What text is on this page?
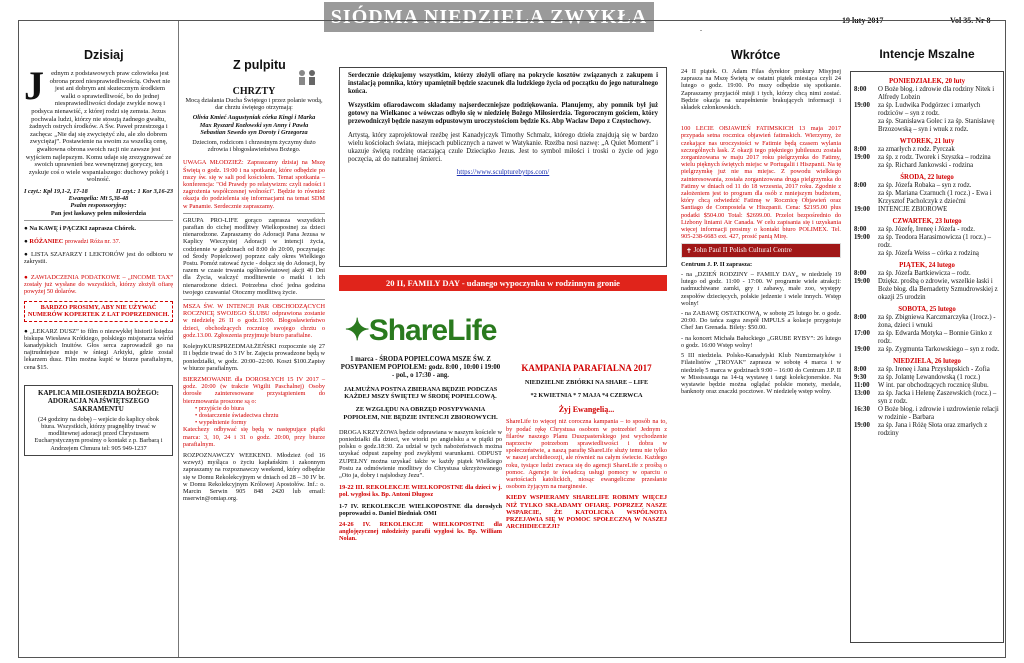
SIÓDMA NIEDZIELA ZWYKŁA
.
19 luty 2017	Vol 35. Nr 8
Dzisiaj
J ednym z podstawowych praw człowieka jest obrona przed niesprawiedliwością. Odwet nie jest ani dobrym ani skutecznym środkiem walki o sprawiedliwość, bo do jednej niesprawiedliwości dodaje zwykle nową i podsyca nienawiść, z której rodzi się zemsta. Jezus pochwala ludzi, którzy nie stosują żadnego gwałtu, żadnych ostrych środków. A Św. Paweł przestrzega i zachęca: „Nie daj się zwyciężyć złu, ale zło dobrem zwyciężaj”. Postawienie na swoim za wszelką cenę, gwałtowna obrona swoich racji nie zawsze jest wyjściem najlepszym. Komu udaje się zrezygnować ze swoich uprawnień bez wewnętrznej goryczy, ten zyskuje coś o wiele wspanialszego: duchowy pokój i wolność.
I czyt.: Kpł 19,1-2, 17-18	II czyt.: 1 Kor 3,16-23
Ewangelia: Mt 5,38-48
Psalm responsoryjny:
Pan jest łaskawy pełen miłosierdzia
● Na KAWĘ i PĄCZKI zaprasza Chórek.
● RÓŻANIEC prowadzi Róża nr. 37.
● LISTA SZAFARZY I LEKTORÓW jest do odbioru w zakrystii.
● ZAWIADCZENIA PODATKOWE – „INCOME TAX” zostały już wysłane do wszystkich, którzy złożyli ofiarę powyżej 50 dolarów.
BARDZO PROSIMY, ABY NIE UŻYWAĆ NUMERÓW KOPERTEK Z LAT POPRZEDNICH.
● „LEKARZ DUSZ” to film o niezwykłej historii księdza biskupa Wiesława Krótkiego, polskiego misjonarza wśród kanadyjskich Inuitów. Głos serca zaprowadził go na najtrudniejsze misje w śniegi Arktyki, gdzie został lekarzem dusz. Film można kupić w biurze parafialnym, cena $15.
KAPLICA MIŁOSIERDZIA BOŻEGO: ADORACJA NAJŚWIĘTSZEGO SAKRAMENTU
(24 godziny na dobę) – wejście do kaplicy obok biura. Wszystkich, którzy pragnęliby trwać w modlitewnej adoracji przed Chrystusem Eucharystycznym prosimy o kontakt z p. Barbarą i Andrzejem Chmura tel: 905 949-1237
Z pulpitu
CHRZTY
Mocą działania Ducha Świętego i przez polanie wodą, dar chrztu świętego otrzymają:
Olivia Kmieć Augustyniak córka Kingi i Marka
Max Ryszard Kozłowski syn Anny i Pawła
Sebastian Szwedo syn Doroty i Grzegorza
Dzieciom, rodzicom i chrzestnym życzymy dużo zdrowia i błogosławieństwa Bożego.
UWAGA MŁODZIEŻ: Zapraszamy dzisiaj na Mszę Świętą o godz. 19:00 i na spotkanie, które odbędzie po mszy św. się w sali pod kościołem. Temat spotkania – konferencja: "Od Prawdy po relatywizm: czyli radości i zagrożenia współczesnej wolności". Będzie to również okazja do podzielenia się informacjami na temat SDM w Panamie. Serdecznie zapraszamy.
GRUPA PRO-LIFE gorąco zaprasza wszystkich parafian do cichej modlitwy Wielkopostnej za dzieci nienarodzone. Zapraszamy do Adoracji Pana Jezusa w Kaplicy Wieczystej Adoracji w intencji życia, codziennie w godzinach od 8:00 do 20:00, poczynając od Środy Popielcowej poprzez cały okres Wielkiego Postu. Pomóż ratować życie - dołącz się do Adoracji, by razem w czasie trwania ogólnoświatowej akcji 40 Dni dla Życia, walczyć modlitewnie o matki i ich nienarodzone dzieci. Potrzebna choć jedna godzina twojego czuwania! Otoczmy modlitwą życie.
MSZA ŚW. W INTENCJI PAR OBCHODZĄCYCH ROCZNICĘ SWOJEGO ŚLUBU odprawiona zostanie w niedzielę 26 II o godz.11:00. Błogosławieństwo dzieci, obchodzących rocznicę swojego chrztu o godz.13.00. Zgłoszenia przyjmuje biuro parafialne.
KolejnyKURSPRZEDMAŁŻEŃSKI rozpocznie się 27 II i będzie trwać do 3 IV br. Zajęcia prowadzone będą w poniedziałki, w godz. 20:00–22:00. Koszt $100.Zapisy w biurze parafialnym.
BIERZMOWANIE dla DOROSŁYCH 15 IV 2017 – godz. 20:00 (w trakcie Wigilii Paschalnej) Osoby dorosłe zainteresowane przystąpieniem do bierzmowania proszone są o:
• przyjście do biura
• dostarczenie świadectwa chrztu
• wypełnienie formy
Katechezy odbywać się będą w następujące piątki marca: 3, 10, 24 i 31 o godz. 20:00, przy biurze parafialnym.
ROZPOZNAWCZY WEEKEND. Młodzież (od 16 wzwyż) myśląca o życiu kapłańskim i zakonnym zapraszamy na rozpoznawczy weekend, który odbędzie się w Domu Rekolekcyjnym w dniach od 28 – 30 IV br. w Domu Rekolekcyjnym Królowej Apostołów. Inf.: o. Marcin Serwin 905 848 2420 lub email: mserwin@omiap.org.
Serdecznie dziękujemy wszystkim, którzy złożyli ofiarę na pokrycie kosztów związanych z zakupem i instalacją pomnika, który upamiętnił będzie szacunek dla ludzkiego życia od początku do jego naturalnego końca.
Wszystkim ofiarodawcom składamy najserdeczniejsze podziękowania. Planujemy, aby pomnik był już gotowy na Wielkanoc a wówczas odbyło się w niedzielę Bożego Miłosierdzia. Tegorocznym gościem, który przewodniczył będzie naszym odpustowym uroczystościom będzie Ks. Abp Wacław Depo z Częstochowy.
Artystą, który zaprojektował rzeźbę jest Kanadyjczyk Timothy Schmalz, którego dzieła znajdują się w bardzo wielu kościołach świata, miejscach publicznych a nawet w Watykanie. Rzeźba nosi nazwę: „A Quiet Moment” i ukazuje świętą rodzinę otaczającą czule Dzieciątko Jezus. Jest to symbol miłości i troski o życie od jego poczęcia, aż do naturalnej śmierci.
https://www.sculpturebytps.com/
20 II, FAMILY DAY - udanego wypoczynku w rodzinnym gronie
✦ShareLife
1 marca - ŚRODA POPIELCOWA MSZE ŚW. Z POSYPANIEM POPIOŁEM: godz. 8:00 , 10:00 i 19:00 - pol., o 17:30 - ang.
JAŁMUŻNA POSTNA ZBIERANA BĘDZIE PODCZAS KAŻDEJ MSZY ŚWIĘTEJ W ŚRODĘ POPIELCOWĄ.
ZE WZGLĘDU NA OBRZĘD POSYPYWANIA POPIOŁEM, NIE BĘDZIE INTENCJI ZBIOROWYCH.
DROGA KRZYŻOWA będzie odprawiana w naszym kościele w poniedziałki dla dzieci, we wtorki po angielsku a w piątki po polsku o godz.18:30. Za udział w tych nabożeństwach można uzyskać odpust zupełny pod zwykłymi warunkami. ODPUST ZUPEŁNY można uzyskać także w każdy piątek Wielkiego Postu za odmówienie modlitwy do Chrystusa ukrzyżowanego „Oto ja, dobry i najsłodszy Jezu”.
19-22 III. REKOLEKCJE WIELKOPOSTNE dla dzieci w j. pol. wygłosi ks. Bp. Antoni Długosz
1-7 IV. REKOLEKCJE WIELKOPOSTNE dla dorosłych poprowadzi o. Daniel Biedniak OMI
24-26 IV. REKOLEKCJE WIELKOPOSTNE dla anglojęzycznej młodzieży parafii wygłosi ks. Bp. William Nolan.
KAMPANIA PARAFIALNA 2017
NIEDZIELNE ZBIÓRKI NA SHARE – LIFE
*2 KWIETNIA * 7 MAJA *4 CZERWCA
Żyj Ewangelią...
ShareLife to więcej niż coroczna kampania – to sposób na to, by podać rękę Chrystusa osobom w potrzebie! Jednym z filarów naszego Planu Duszpasterskiego jest wychodzenie naprzeciw potrzebom sprawiedliwości i dobra w społeczeństwie, a naszą parafię ShareLife służy temu nie tylko w naszej archidiecezji, ale również na całym świecie. Każdego roku, tysiące ludzi zwraca się do agencji ShareLife z prośbą o pomoc. Agencje te świadczą usługi pomocy w oparciu o wartościach katolickich, niosąc ewangeliczne przesłanie osobom żyjącym na marginesie.
KIEDY WSPIERAMY SHARELIFE ROBIMY WIĘCEJ NIŻ TYLKO SKŁADAMY OFIARĘ. POPRZEZ NASZE WSPARCIE, ŻE KATOLICKA WSPÓLNOTA PRZEJAWIA SIĘ W POMOC SPOŁECZNĄ W NASZEJ ARCHIDIECEZJI?
Wkrótce
24 II piątek. O. Adam Filas dyrektor prokury Misyjnej zaprasza na Mszę Świętą w ostatni piątek miesiąca czyli 24 lutego o godz. 19:00. Po mszy odbędzie się spotkanie. Zapraszamy przyjaciół misji i tych, którzy chcą nimi zostać. Będzie okazja na uzupełnienie brakujących informacji i składek członkowskich.
100 LECIE OBJAWIEŃ FATIMSKICH 13 maja 2017 przypada setna rocznica objawień fatimskich. Wierzymy, że czekające nas uroczystości w Fatimie będą czasem wylania szczególnych łask. Z okazji tego piękniego jubileuszu została zorganizowana w maju 2017 roku pielgrzymka do Fatimy, wielu pięknych świętych miejsc w Portugalii i Hiszpanii. Na tę pielgrzymkę już nie ma miejsc. Z powodu wielkiego zainteresowania, została zorganizowana druga pielgrzymka do Fatimy w dniach od 11 do 18 wrzesnia, 2017 roku. Zgodnie z założeniem jest to program dla osób z mniejszym budżetem, który chcą odwiedzić Fatimę w Rocznicę Objawień oraz Santiago de Compostela w Hiszpanii. Cena: $2195.00 plus podatki $504.00 Total: $2699.00. Przelot bezpośrednio do Lizbony liniami Air Canada. W celu zapisania się i uzyskania więcej informacji prosimy o kontakt biuro POLIMEX. Tel. 905-238-6683 ext. 427, prosić panią Mirę.
✝ John Paul II Polish Cultural Centre
Centrum J. P. II zaprasza:
- na „DZIEŃ RODZINY – FAMILY DAY„ w niedzielę 19 lutego od godz. 11:00 - 17:00. W programie wiele atrakcji: nadmuchiwane zamki, gry i zabawy, małe zoo, występy zespołów dziecięcych, polskie jedzenie i wiele innych. Wstęp wolny!
- na ZABAWĘ OSTATKOWĄ, w sobotę 25 lutego br. o godz. 20:00. Do tańca zagra zespół IMPULS a kolacje przygotuje Chef Jan Grenada. Bilety: $50.00.
- na koncert Michała Bałuckiego „GRUBE RYBY”: 26 lutego o godz. 16:00 Wstęp wolny!
5 III niedziela. Polsko-Kanadyjski Klub Numizmatyków i Filatelistów „TROYAK” zaprasza w sobotę 4 marca i w niedzielę 5 marca w godzinach 9:00 – 16:00 do Centrum J.P. II w Mississauga na 14-tą wystawę i targi kolekcjonerskie. Na wystawie będzie można oglądać polskie monety, medale, banknoty oraz znaczki pocztowe. W niedzielę wstęp wolny.
Intencje Mszalne
PONIEDZIAŁEK, 20 luty
8:00	O Boże błog. i zdrowie dla rodziny Nitek i Alfredy Lobzin
19:00	za śp. Ludwika Podgórzec i zmarłych rodziców – syn z rodz.
za śp. Stanisława Golec i za śp. Stanisławę Brzozowską – syn i wnuk z rodz.
WTOREK, 21 luty
8:00	za zmarłych z rodz. Pyrczak
19:00	za śp. z rodz. Tworek i Szyszka – rodzina
za śp. Richard Jankowski - rodzina
ŚRODA, 22 lutego
8:00	za śp. Józefa Robaka – syn z rodz.
za śp. Mariana Czarnuch (1 rocz.) - Ewa i Krzysztof Pacholczyk z dziećmi
19:00	INTENCJE ZBIOROWE
CZWARTEK, 23 lutego
8:00	za śp. Józefę, Ireneę i Józefa - rodz.
19:00	za śp. Teodora Harasimowicza (1 rocz.) – rodz.
za śp. Józefa Weiss – córka z rodziną
PIĄTEK, 24 lutego
8:00	za śp. Józefa Bartkiewicza – rodz.
19:00	Dziękz. prośbą o zdrowie, wszelkie łaski i Boże błog. dla Bernadetty Szmudrowskiej z okazji 25 urodzin
SOBOTA, 25 lutego
8:00	za śp. Zbigniewa Karczmarczyka (1rocz.) - żona, dzieci i wnuki
17:00	za śp. Edwarda Motyka – Bonnie Ginko z rodz.
19:00	za śp. Zygmunta Tarkowskiego – syn z rodz.
NIEDZIELA, 26 lutego
8:00	za śp. Ireneę i Jana Przyslupskich - Zofia
9:30	za śp. Jolantę Lewandowską (1 rocz.)
11:00	W int. par obchodzących rocznicę ślubu.
13:00	za śp. Jacka i Helenę Zaszewskich (rocz.) – syn z rodz.
16:30	O Boże błog. i zdrowie i uzdrowienie relacji w rodzinie - Barbara
19:00	za śp. Jana i Różę Słota oraz zmarłych z rodziny
